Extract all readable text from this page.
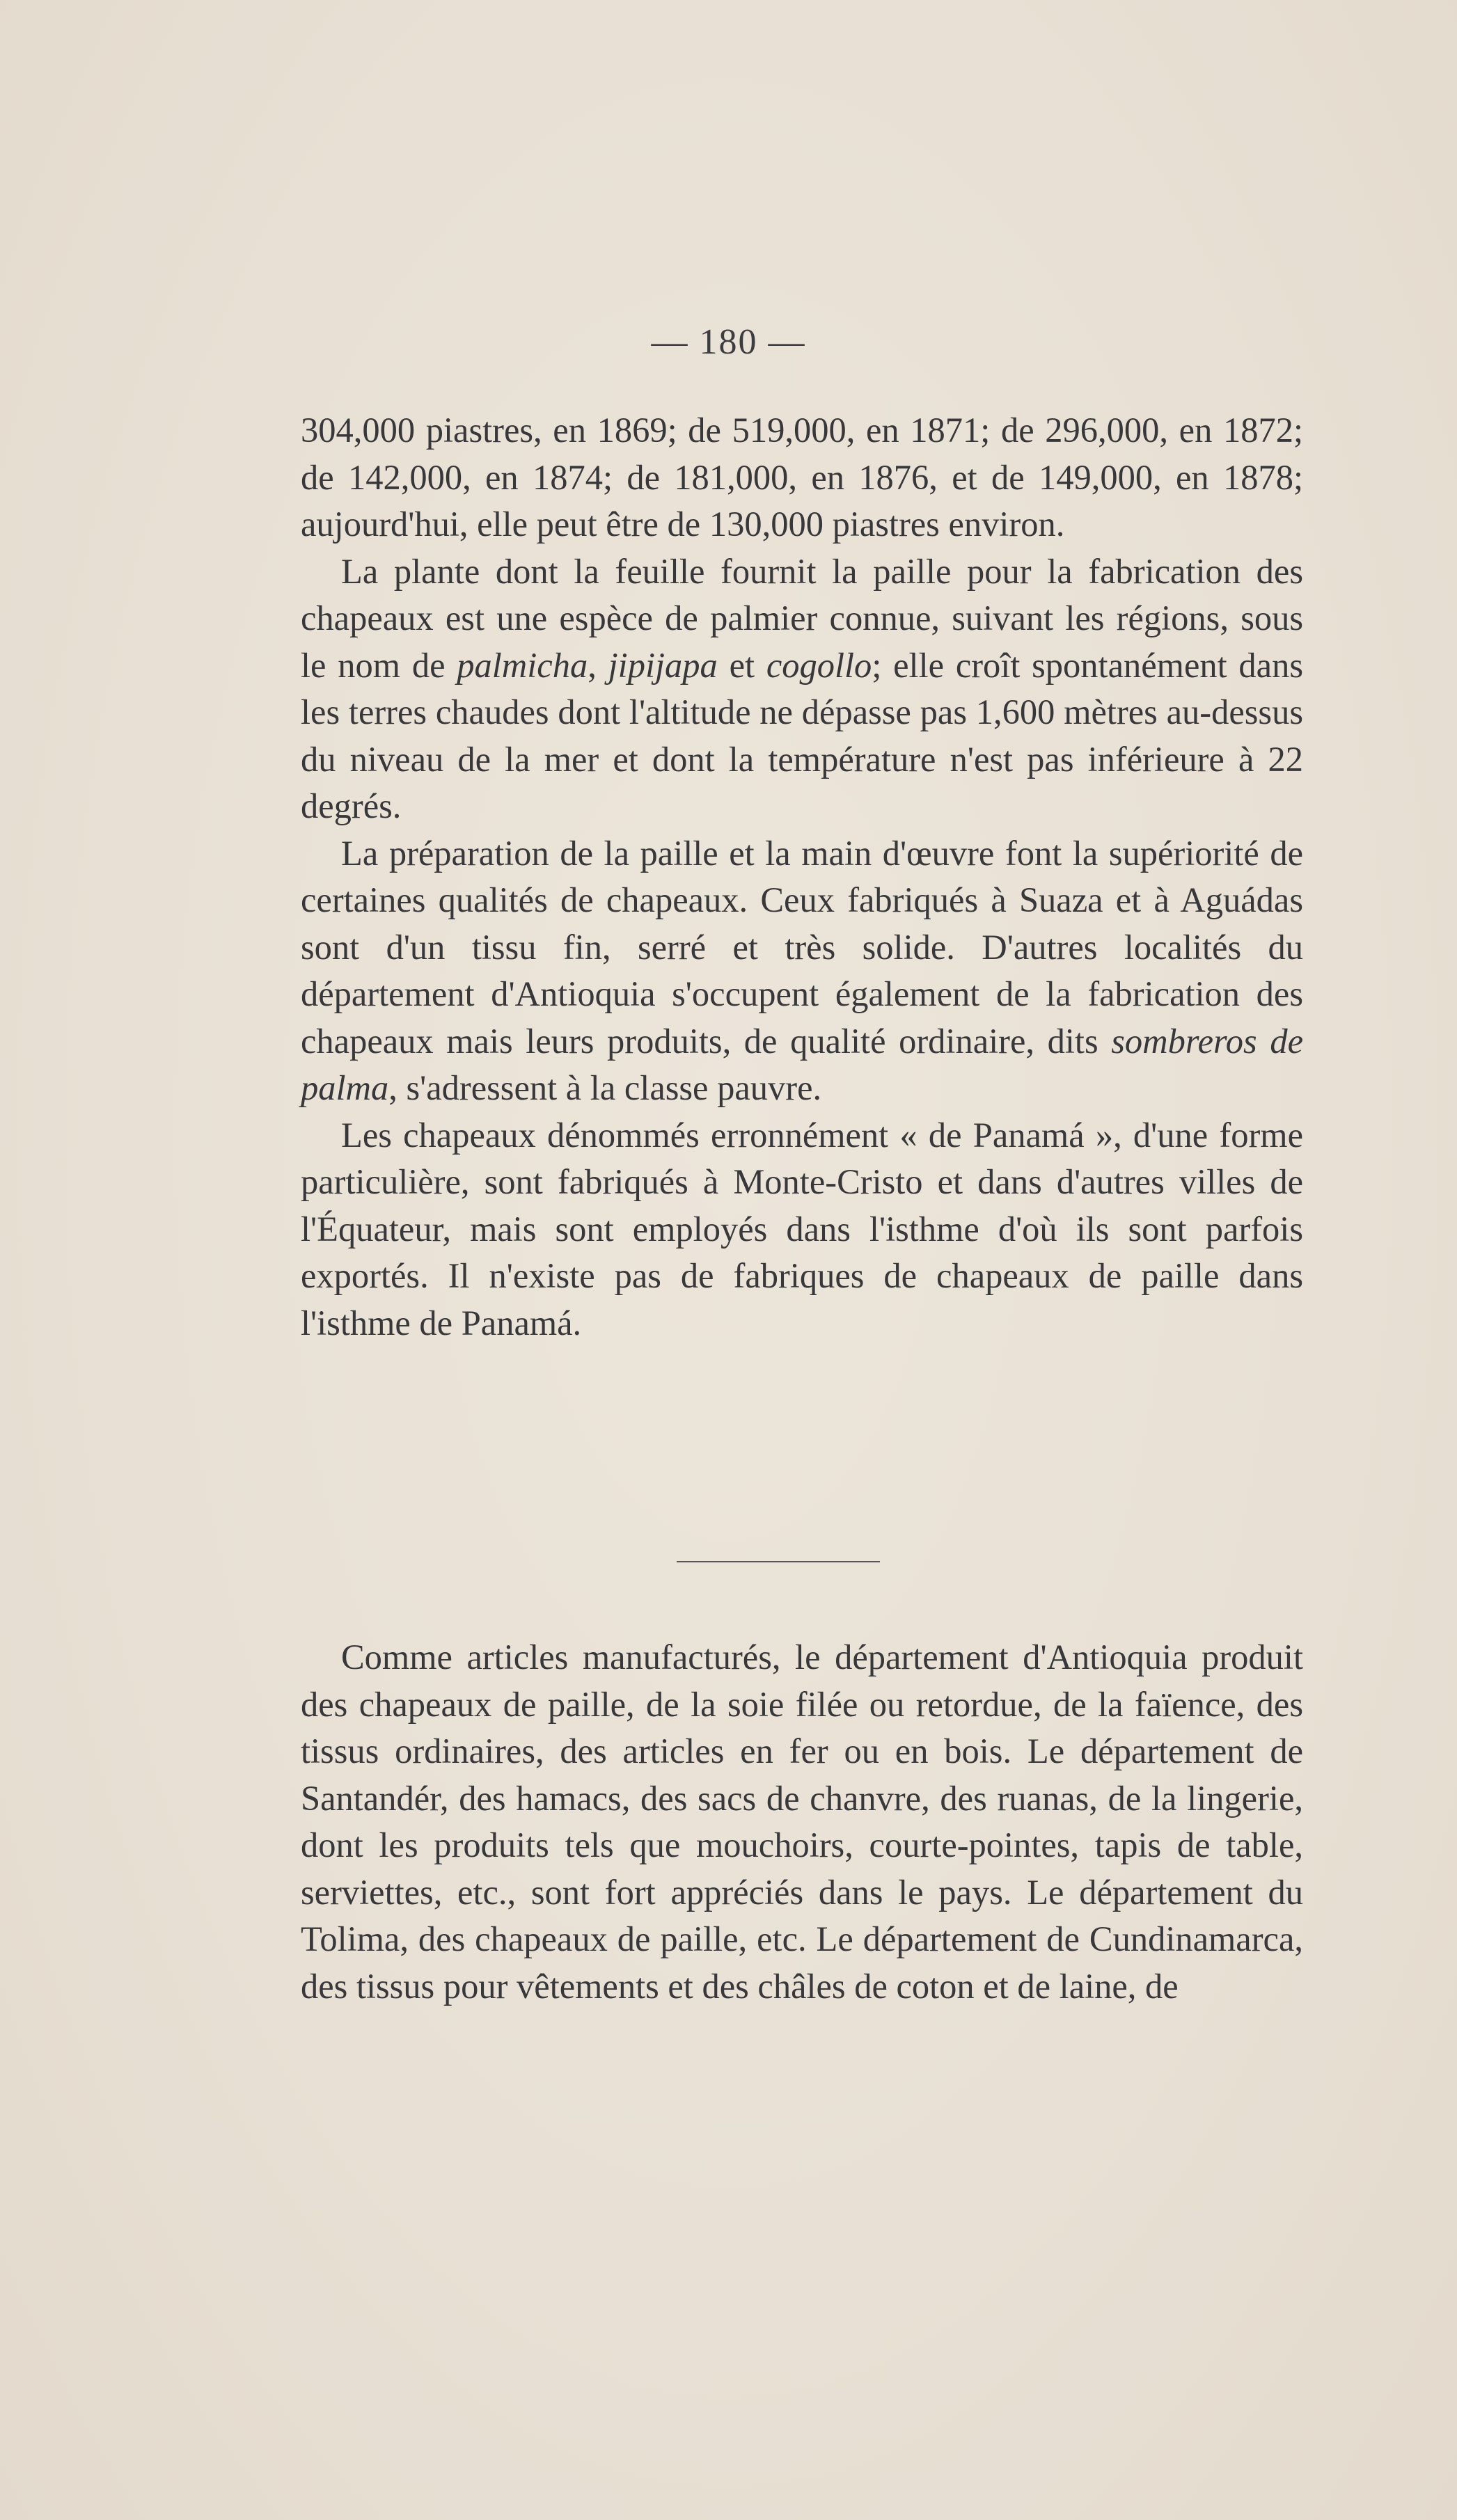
— 180 —

304,000 piastres, en 1869; de 519,000, en 1871; de 296,000, en 1872; de 142,000, en 1874; de 181,000, en 1876, et de 149,000, en 1878; aujourd'hui, elle peut être de 130,000 piastres environ.

La plante dont la feuille fournit la paille pour la fabrication des chapeaux est une espèce de palmier connue, suivant les régions, sous le nom de palmicha, jipijapa et cogollo; elle croît spontanément dans les terres chaudes dont l'altitude ne dépasse pas 1,600 mètres au-dessus du niveau de la mer et dont la température n'est pas inférieure à 22 degrés.

La préparation de la paille et la main d'œuvre font la supériorité de certaines qualités de chapeaux. Ceux fabriqués à Suaza et à Aguádas sont d'un tissu fin, serré et très solide. D'autres localités du département d'Antioquia s'occupent également de la fabrication des chapeaux mais leurs produits, de qualité ordinaire, dits sombreros de palma, s'adressent à la classe pauvre.

Les chapeaux dénommés erronnément « de Panamá », d'une forme particulière, sont fabriqués à Monte-Cristo et dans d'autres villes de l'Équateur, mais sont employés dans l'isthme d'où ils sont parfois exportés. Il n'existe pas de fabriques de chapeaux de paille dans l'isthme de Panamá.

Comme articles manufacturés, le département d'Antioquia produit des chapeaux de paille, de la soie filée ou retordue, de la faïence, des tissus ordinaires, des articles en fer ou en bois. Le département de Santandér, des hamacs, des sacs de chanvre, des ruanas, de la lingerie, dont les produits tels que mouchoirs, courte-pointes, tapis de table, serviettes, etc., sont fort appréciés dans le pays. Le département du Tolima, des chapeaux de paille, etc. Le département de Cundinamarca, des tissus pour vêtements et des châles de coton et de laine, de
